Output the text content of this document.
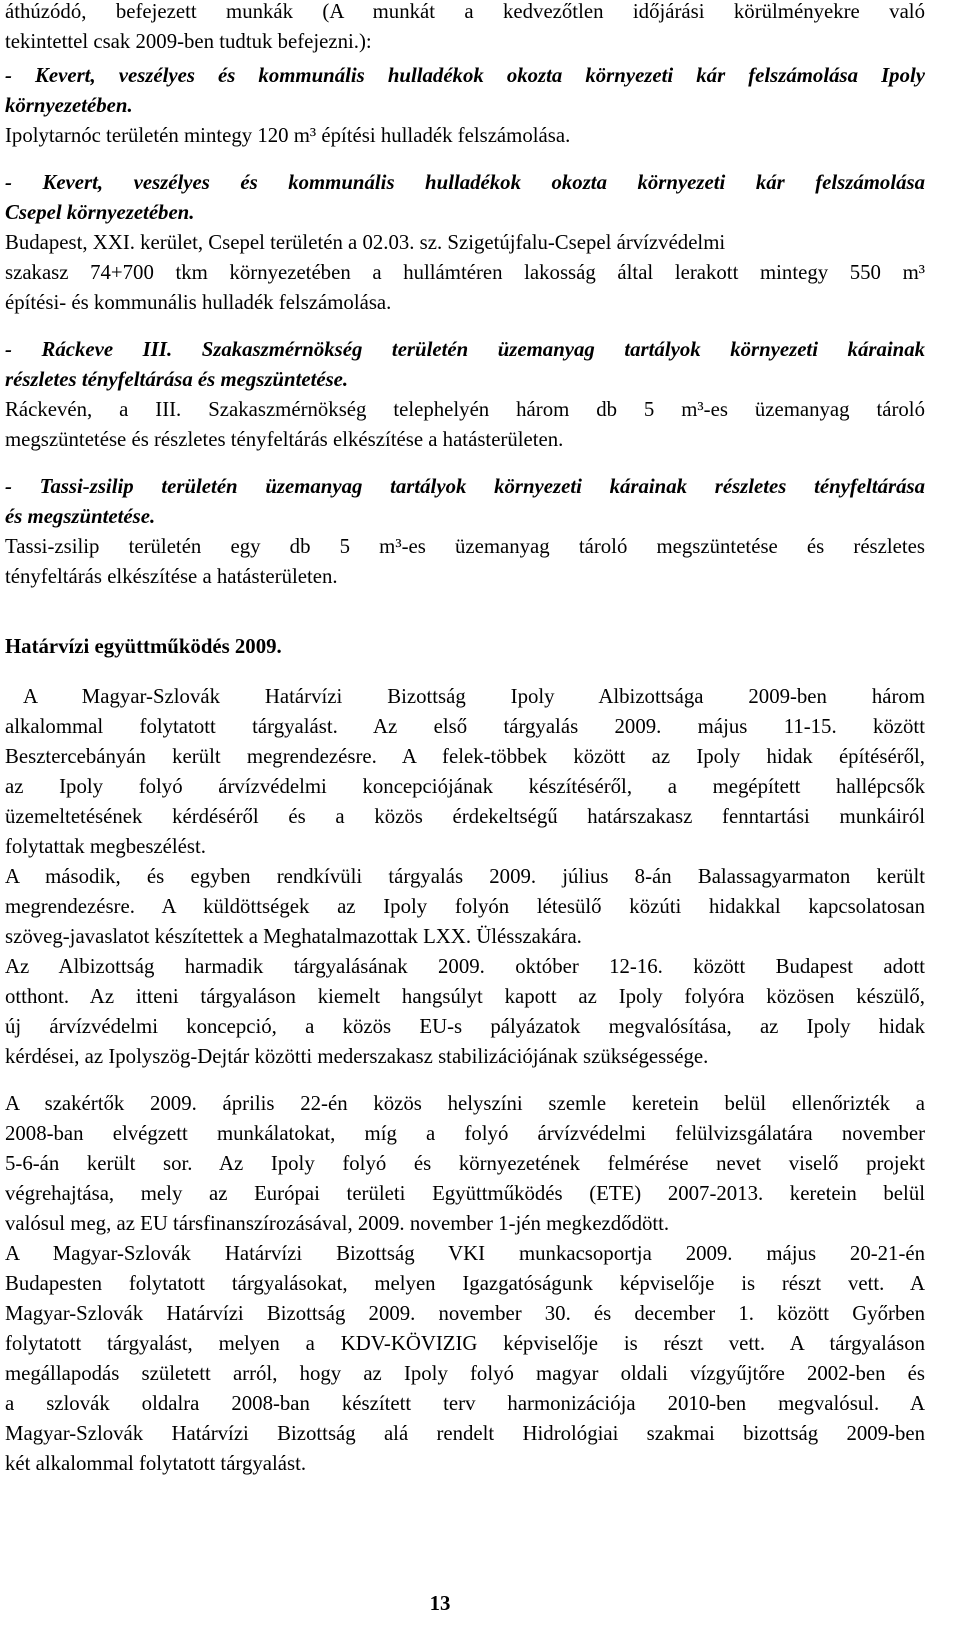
áthúzódó, befejezett munkák (A munkát a kedvezőtlen időjárási körülményekre való
tekintettel csak 2009-ben tudtuk befejezni.):
- Kevert, veszélyes és kommunális hulladékok okozta környezeti kár felszámolása Ipoly
környezetében.
Ipolytarnóc területén mintegy 120 m³ építési hulladék felszámolása.
- Kevert, veszélyes és kommunális hulladékok okozta környezeti kár felszámolása
Csepel környezetében.
Budapest, XXI. kerület, Csepel területén a 02.03. sz. Szigetújfalu-Csepel árvízvédelmi
szakasz 74+700 tkm környezetében a hullámtéren lakosság által lerakott mintegy 550 m³
építési- és kommunális hulladék felszámolása.
- Ráckeve III. Szakaszmérnökség területén üzemanyag tartályok környezeti kárainak
részletes tényfeltárása és megszüntetése.
Ráckevén, a III. Szakaszmérnökség telephelyén három db 5 m³-es üzemanyag tároló
megszüntetése és részletes tényfeltárás elkészítése a hatásterületen.
- Tassi-zsilip területén üzemanyag tartályok környezeti kárainak részletes tényfeltárása
és megszüntetése.
Tassi-zsilip területén egy db 5 m³-es üzemanyag tároló megszüntetése és részletes
tényfeltárás elkészítése a hatásterületen.
Határvízi együttműködés 2009.
A Magyar-Szlovák Határvízi Bizottság Ipoly Albizottsága 2009-ben három
alkalommal folytatott tárgyalást. Az első tárgyalás 2009. május 11-15. között
Besztercebányán került megrendezésre. A felek-többek között az Ipoly hidak építéséről,
az Ipoly folyó árvízvédelmi koncepciójának készítéséről, a megépített hallépcsők
üzemeltetésének kérdéséről és a közös érdekeltségű határszakasz fenntartási munkáiról
folytattak megbeszélést.
A második, és egyben rendkívüli tárgyalás 2009. július 8-án Balassagyarmaton került
megrendezésre. A küldöttségek az Ipoly folyón létesülő közúti hidakkal kapcsolatosan
szöveg-javaslatot készítettek a Meghatalmazottak LXX. Ülésszakára.
Az Albizottság harmadik tárgyalásának 2009. október 12-16. között Budapest adott
otthont. Az itteni tárgyaláson kiemelt hangsúlyt kapott az Ipoly folyóra közösen készülő,
új árvízvédelmi koncepció, a közös EU-s pályázatok megvalósítása, az Ipoly hidak
kérdései, az Ipolyszög-Dejtár közötti mederszakasz stabilizációjának szükségessége.
A szakértők 2009. április 22-én közös helyszíni szemle keretein belül ellenőrizték a
2008-ban elvégzett munkálatokat, míg a folyó árvízvédelmi felülvizsgálatára november
5-6-án került sor. Az Ipoly folyó és környezetének felmérése nevet viselő projekt
végrehajtása, mely az Európai területi Együttműködés (ETE) 2007-2013. keretein belül
valósul meg, az EU társfinanszírozásával, 2009. november 1-jén megkezdődött.
A Magyar-Szlovák Határvízi Bizottság VKI munkacsoportja 2009. május 20-21-én
Budapesten folytatott tárgyalásokat, melyen Igazgatóságunk képviselője is részt vett. A
Magyar-Szlovák Határvízi Bizottság 2009. november 30. és december 1. között Győrben
folytatott tárgyalást, melyen a KDV-KÖVIZIG képviselője is részt vett. A tárgyaláson
megállapodás született arról, hogy az Ipoly folyó magyar oldali vízgyűjtőre 2002-ben és
a szlovák oldalra 2008-ban készített terv harmonizációja 2010-ben megvalósul. A
Magyar-Szlovák Határvízi Bizottság alá rendelt Hidrológiai szakmai bizottság 2009-ben
két alkalommal folytatott tárgyalást.
13
